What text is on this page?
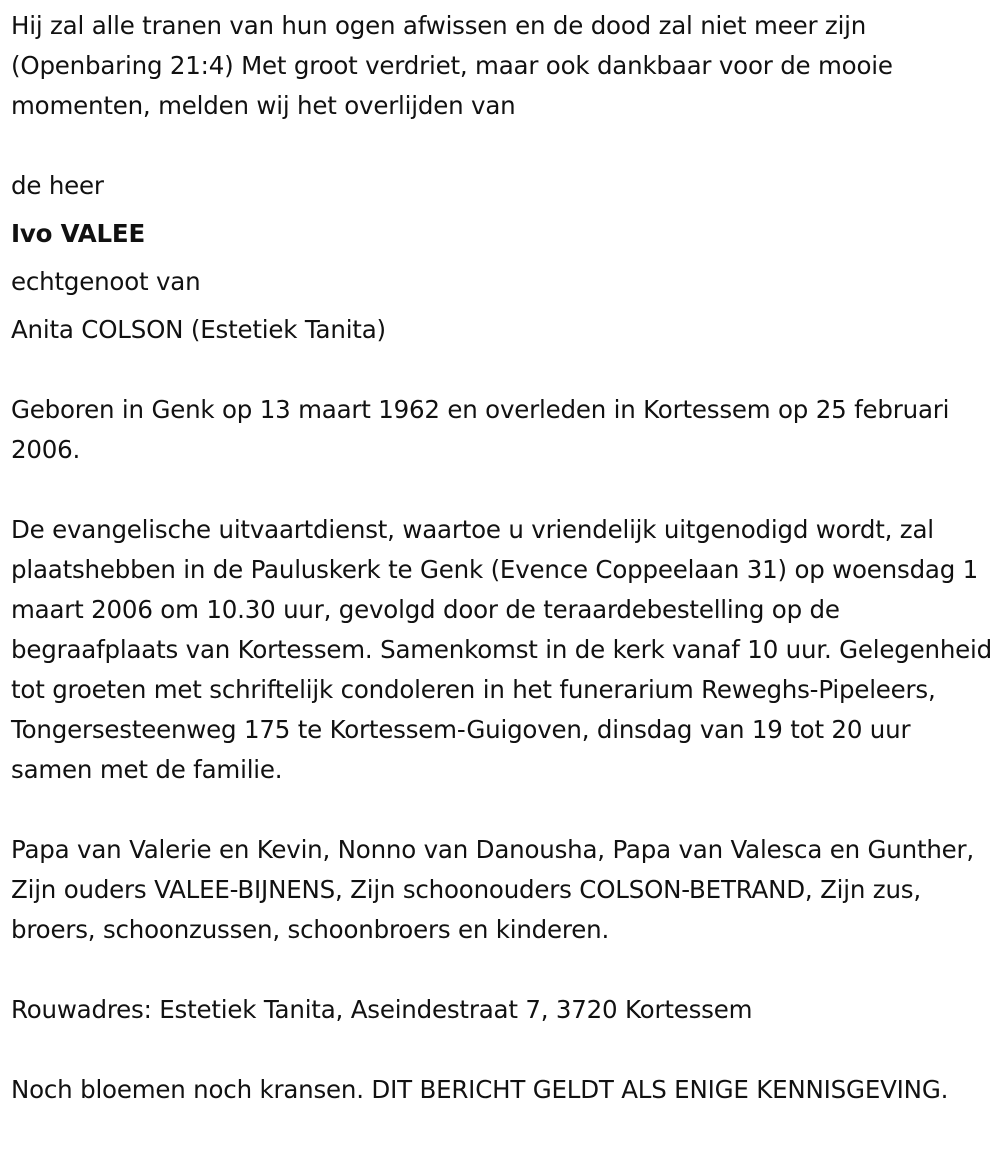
Hij zal alle tranen van hun ogen afwissen en de dood zal niet meer zijn (Openbaring 21:4) Met groot verdriet, maar ook dankbaar voor de mooie momenten, melden wij het overlijden van

de heer

Ivo VALEE

echtgenoot van

Anita COLSON (Estetiek Tanita)

Geboren in Genk op 13 maart 1962 en overleden in Kortessem op 25 februari 2006.

De evangelische uitvaartdienst, waartoe u vriendelijk uitgenodigd wordt, zal plaatshebben in de Pauluskerk te Genk (Evence Coppeelaan 31) op woensdag 1 maart 2006 om 10.30 uur, gevolgd door de teraardebestelling op de begraafplaats van Kortessem. Samenkomst in de kerk vanaf 10 uur. Gelegenheid tot groeten met schriftelijk condoleren in het funerarium Reweghs-Pipeleers, Tongersesteenweg 175 te Kortessem-Guigoven, dinsdag van 19 tot 20 uur samen met de familie.

Papa van Valerie en Kevin, Nonno van Danousha, Papa van Valesca en Gunther, Zijn ouders VALEE-BIJNENS, Zijn schoonouders COLSON-BETRAND, Zijn zus, broers, schoonzussen, schoonbroers en kinderen.

Rouwadres: Estetiek Tanita, Aseindestraat 7, 3720 Kortessem

Noch bloemen noch kransen. DIT BERICHT GELDT ALS ENIGE KENNISGEVING.
